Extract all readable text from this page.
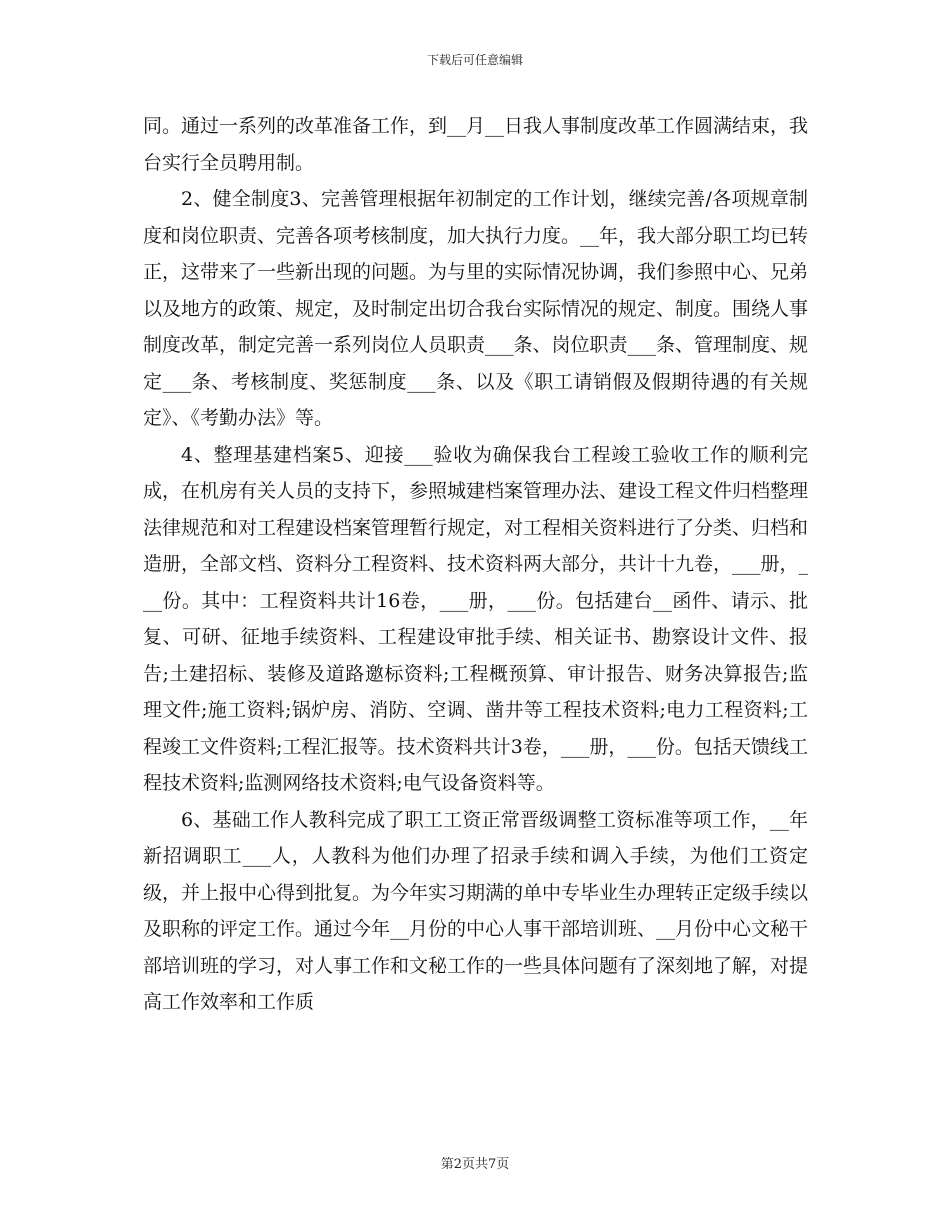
下载后可任意编辑

同。通过一系列的改革准备工作，到__月__日我人事制度改革工作圆满结束，我台实行全员聘用制。

2、健全制度3、完善管理根据年初制定的工作计划，继续完善/各项规章制度和岗位职责、完善各项考核制度，加大执行力度。__年，我大部分职工均已转正，这带来了一些新出现的问题。为与里的实际情况协调，我们参照中心、兄弟以及地方的政策、规定，及时制定出切合我台实际情况的规定、制度。围绕人事制度改革，制定完善一系列岗位人员职责___条、岗位职责___条、管理制度、规定___条、考核制度、奖惩制度___条、以及《职工请销假及假期待遇的有关规定》、《考勤办法》等。

4、整理基建档案5、迎接___验收为确保我台工程竣工验收工作的顺利完成，在机房有关人员的支持下，参照城建档案管理办法、建设工程文件归档整理法律规范和对工程建设档案管理暂行规定，对工程相关资料进行了分类、归档和造册，全部文档、资料分工程资料、技术资料两大部分，共计十九卷，___册，___份。其中：工程资料共计16卷，___册，___份。包括建台__函件、请示、批复、可研、征地手续资料、工程建设审批手续、相关证书、勘察设计文件、报告;土建招标、装修及道路邀标资料;工程概预算、审计报告、财务决算报告;监理文件;施工资料;锅炉房、消防、空调、凿井等工程技术资料;电力工程资料;工程竣工文件资料;工程汇报等。技术资料共计3卷，___册，___份。包括天馈线工程技术资料;监测网络技术资料;电气设备资料等。

6、基础工作人教科完成了职工工资正常晋级调整工资标准等项工作，__年新招调职工___人，人教科为他们办理了招录手续和调入手续，为他们工资定级，并上报中心得到批复。为今年实习期满的单中专毕业生办理转正定级手续以及职称的评定工作。通过今年__月份的中心人事干部培训班、__月份中心文秘干部培训班的学习，对人事工作和文秘工作的一些具体问题有了深刻地了解，对提高工作效率和工作质

第2页共7页
